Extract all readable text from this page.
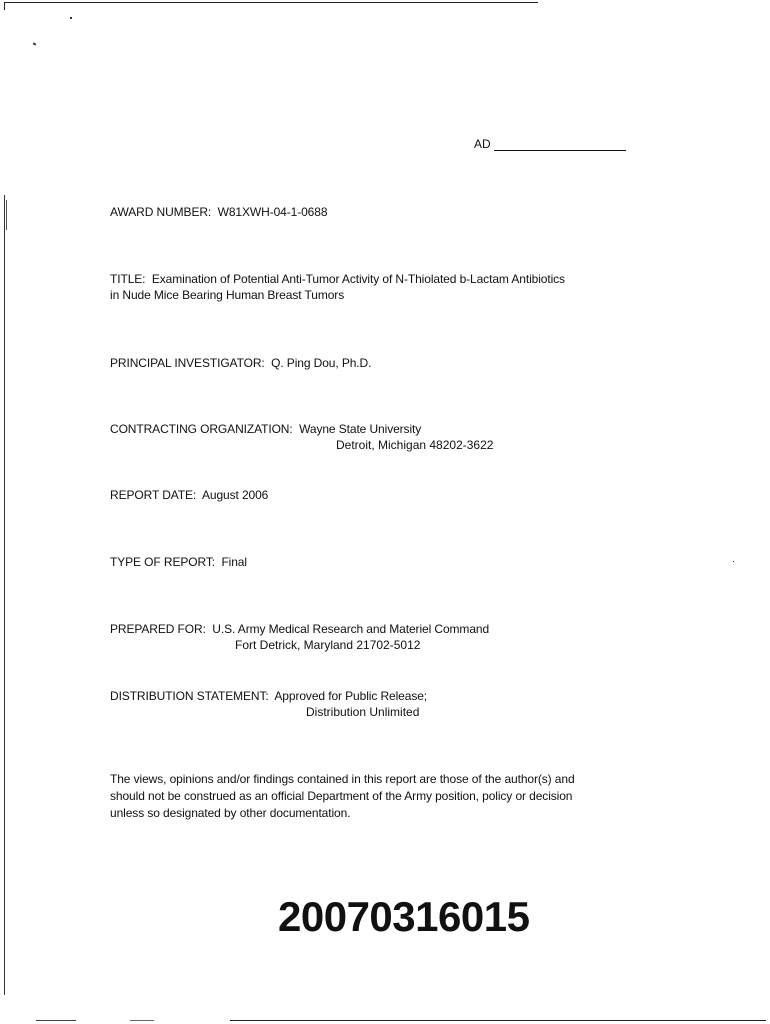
AD
AWARD NUMBER: W81XWH-04-1-0688
TITLE: Examination of Potential Anti-Tumor Activity of N-Thiolated b-Lactam Antibiotics
in Nude Mice Bearing Human Breast Tumors
PRINCIPAL INVESTIGATOR: Q. Ping Dou, Ph.D.
CONTRACTING ORGANIZATION: Wayne State University
Detroit, Michigan 48202-3622
REPORT DATE: August 2006
TYPE OF REPORT: Final
PREPARED FOR: U.S. Army Medical Research and Materiel Command
Fort Detrick, Maryland 21702-5012
DISTRIBUTION STATEMENT: Approved for Public Release;
Distribution Unlimited
The views, opinions and/or findings contained in this report are those of the author(s) and
should not be construed as an official Department of the Army position, policy or decision
unless so designated by other documentation.
20070316015
